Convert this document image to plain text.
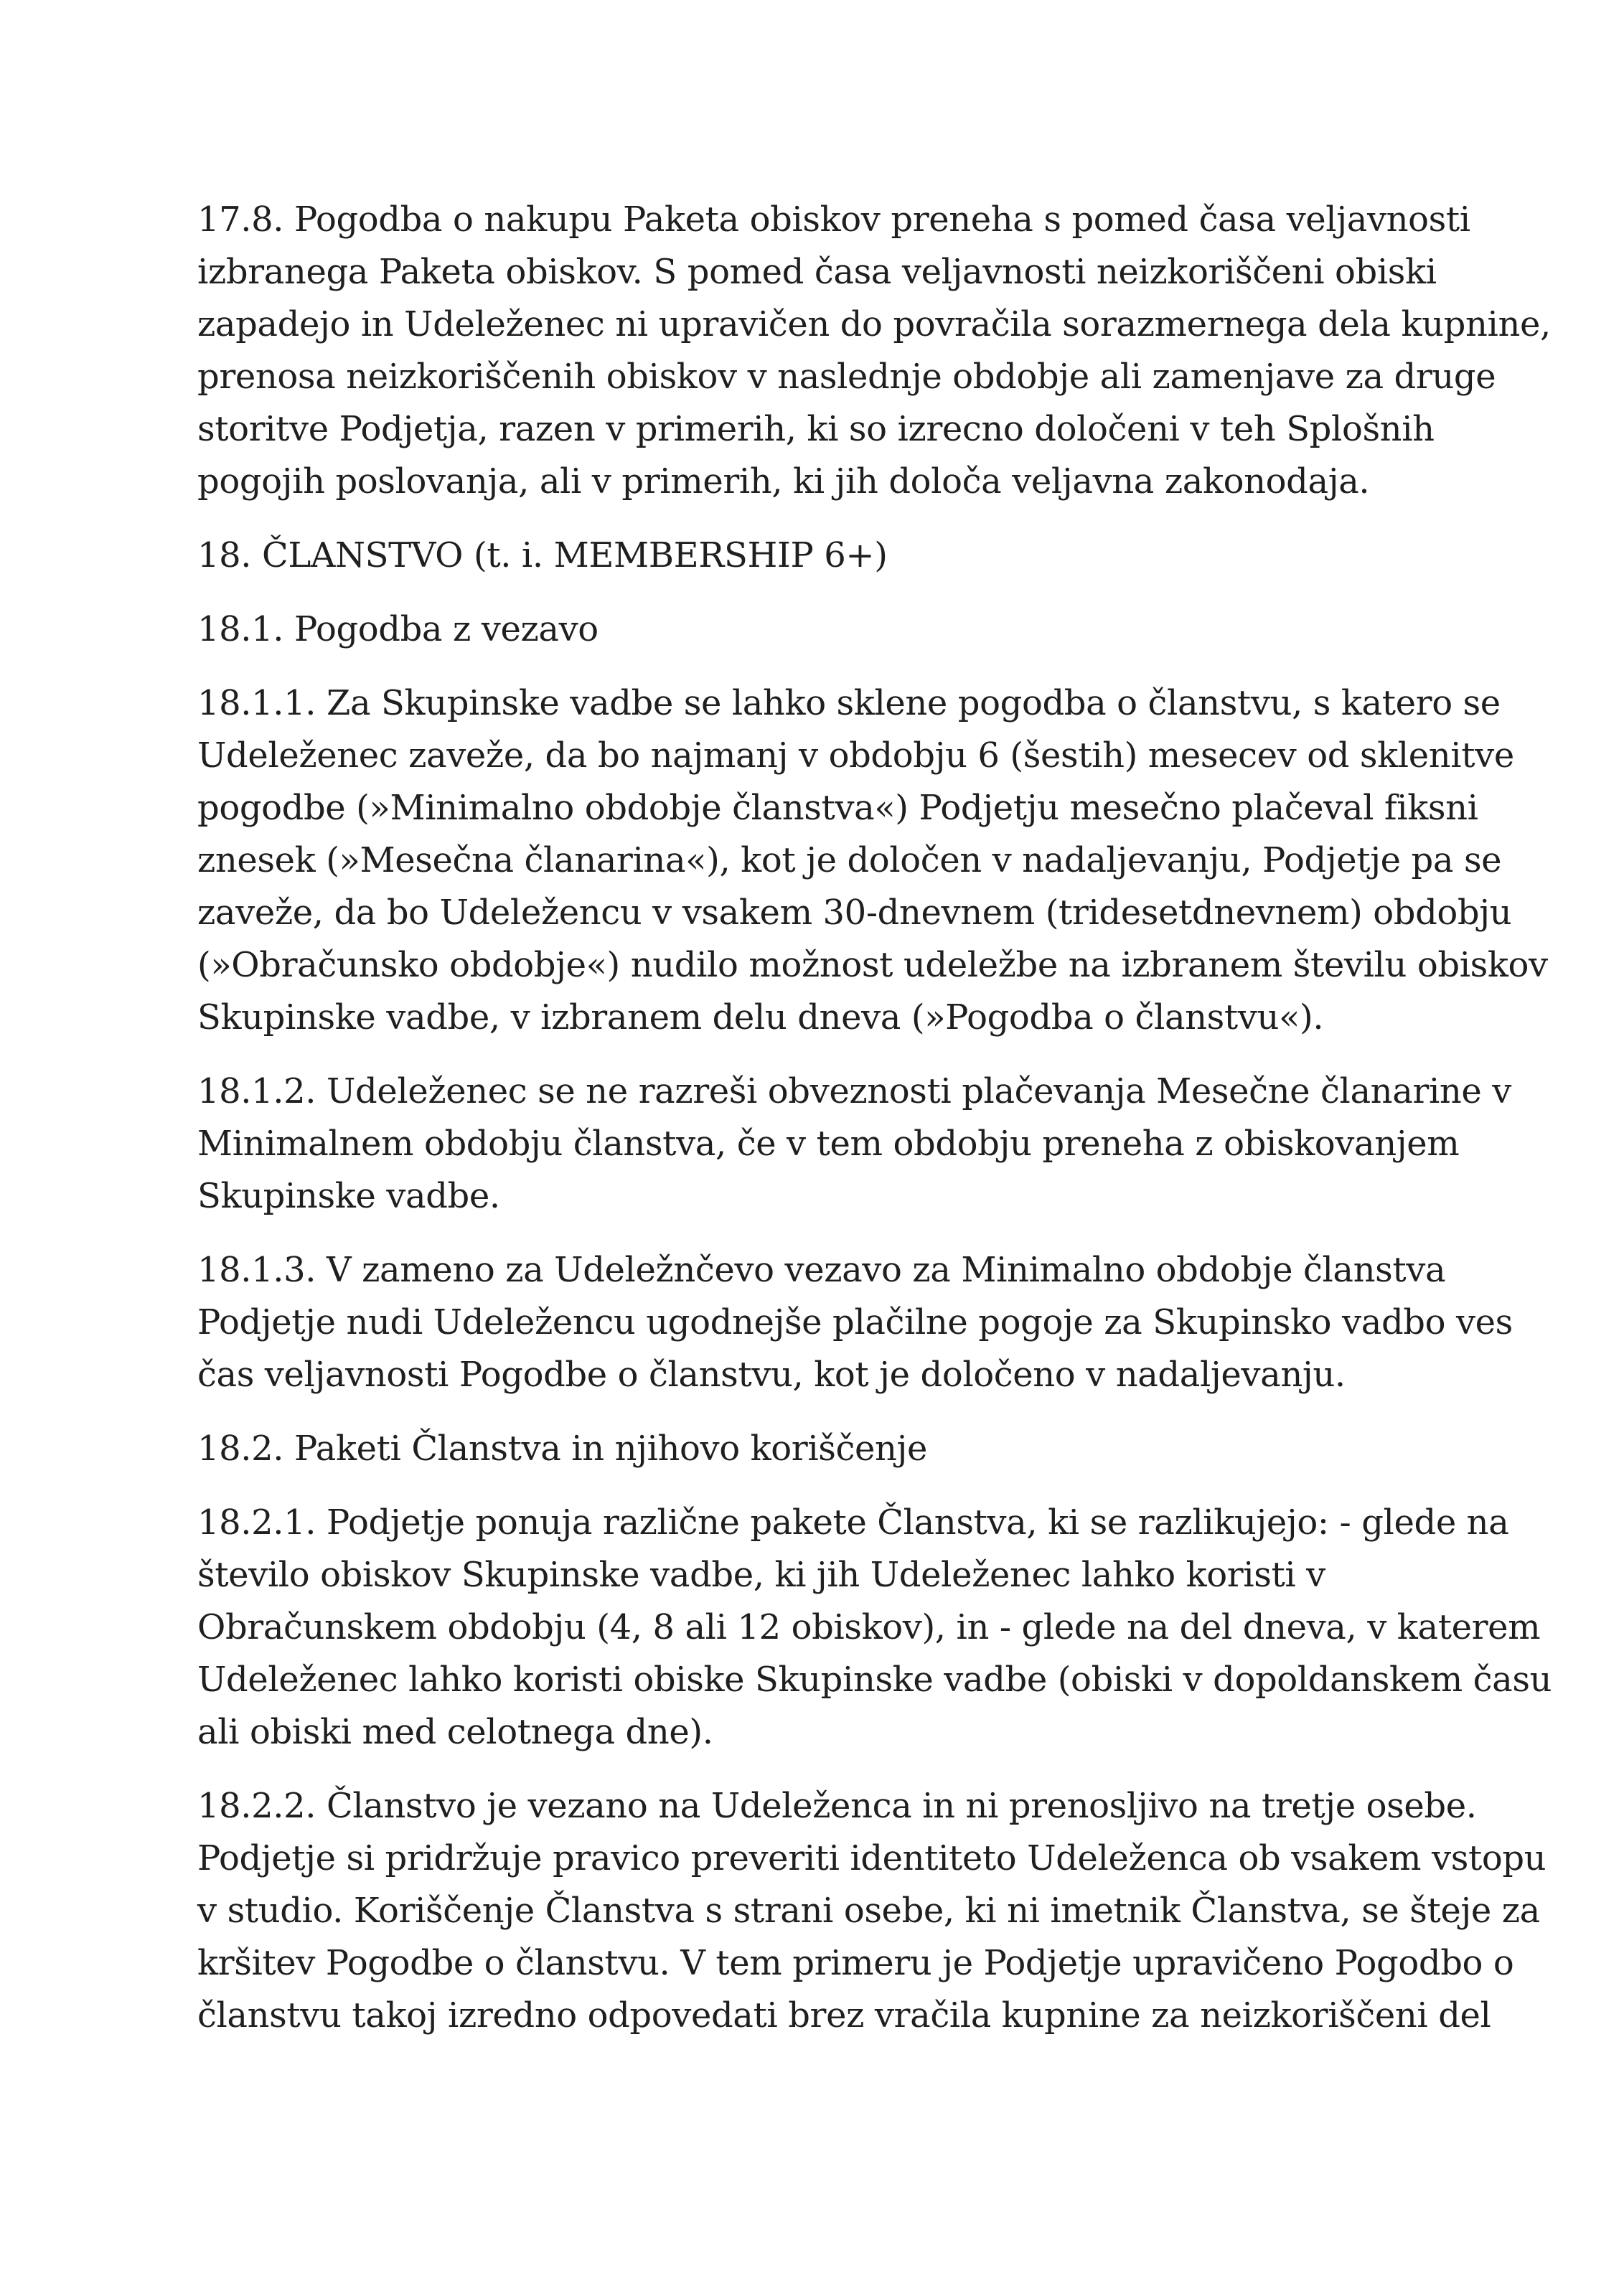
17.8. Pogodba o nakupu Paketa obiskov preneha s pomed časa veljavnosti
izbranega Paketa obiskov. S pomed časa veljavnosti neizkoriščeni obiski
zapadejo in Udeleženec ni upravičen do povračila sorazmernega dela kupnine,
prenosa neizkoriščenih obiskov v naslednje obdobje ali zamenjave za druge
storitve Podjetja, razen v primerih, ki so izrecno določeni v teh Splošnih
pogojih poslovanja, ali v primerih, ki jih določa veljavna zakonodaja.
18. ČLANSTVO (t. i. MEMBERSHIP 6+)
18.1. Pogodba z vezavo
18.1.1. Za Skupinske vadbe se lahko sklene pogodba o članstvu, s katero se
Udeleženec zaveže, da bo najmanj v obdobju 6 (šestih) mesecev od sklenitve
pogodbe (»Minimalno obdobje članstva«) Podjetju mesečno plačeval fiksni
znesek (»Mesečna članarina«), kot je določen v nadaljevanju, Podjetje pa se
zaveže, da bo Udeležencu v vsakem 30-dnevnem (tridesetdnevnem) obdobju
(»Obračunsko obdobje«) nudilo možnost udeležbe na izbranem številu obiskov
Skupinske vadbe, v izbranem delu dneva (»Pogodba o članstvu«).
18.1.2. Udeleženec se ne razreši obveznosti plačevanja Mesečne članarine v
Minimalnem obdobju članstva, če v tem obdobju preneha z obiskovanjem
Skupinske vadbe.
18.1.3. V zameno za Udeležnčevo vezavo za Minimalno obdobje članstva
Podjetje nudi Udeležencu ugodnejše plačilne pogoje za Skupinsko vadbo ves
čas veljavnosti Pogodbe o članstvu, kot je določeno v nadaljevanju.
18.2. Paketi Članstva in njihovo koriščenje
18.2.1. Podjetje ponuja različne pakete Članstva, ki se razlikujejo: - glede na
število obiskov Skupinske vadbe, ki jih Udeleženec lahko koristi v
Obračunskem obdobju (4, 8 ali 12 obiskov), in - glede na del dneva, v katerem
Udeleženec lahko koristi obiske Skupinske vadbe (obiski v dopoldanskem času
ali obiski med celotnega dne).
18.2.2. Članstvo je vezano na Udeleženca in ni prenosljivo na tretje osebe.
Podjetje si pridržuje pravico preveriti identiteto Udeleženca ob vsakem vstopu
v studio. Koriščenje Članstva s strani osebe, ki ni imetnik Članstva, se šteje za
kršitev Pogodbe o članstvu. V tem primeru je Podjetje upravičeno Pogodbo o
članstvu takoj izredno odpovedati brez vračila kupnine za neizkoriščeni del
